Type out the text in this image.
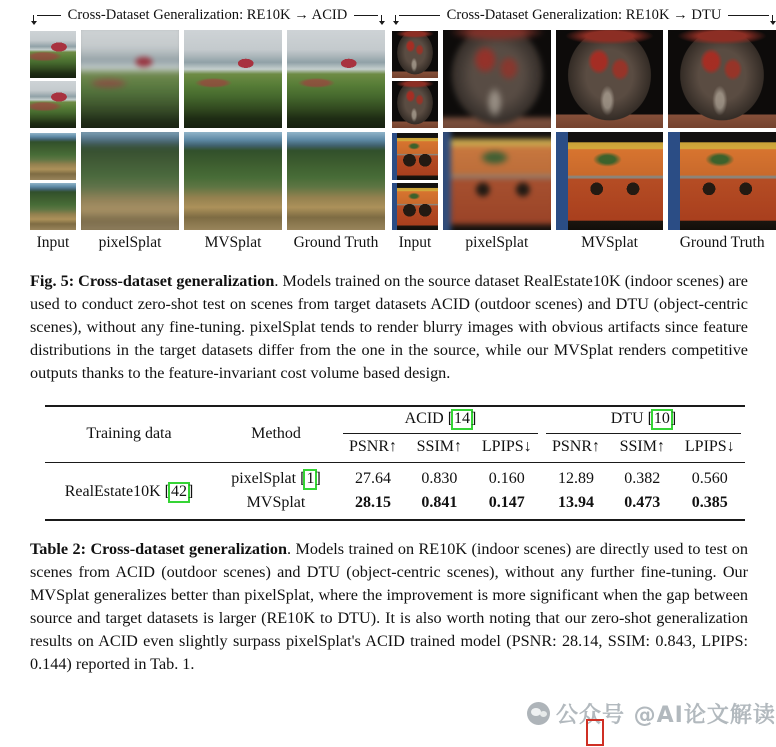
Cross-Dataset Generalization: RE10K → ACID
Input	pixelSplat	MVSplat	Ground Truth
Cross-Dataset Generalization: RE10K → DTU
Input	pixelSplat	MVSplat	Ground Truth

Fig. 5: Cross-dataset generalization. Models trained on the source dataset RealEstate10K (indoor scenes) are used to conduct zero-shot test on scenes from target datasets ACID (outdoor scenes) and DTU (object-centric scenes), without any fine-tuning. pixelSplat tends to render blurry images with obvious artifacts since feature distributions in the target datasets differ from the one in the source, while our MVSplat renders competitive outputs thanks to the feature-invariant cost volume based design.

Training data	Method	ACID [14]			DTU [10]		

		PSNR↑	SSIM↑	LPIPS↓	PSNR↑	SSIM↑	LPIPS↓
RealEstate10K [42]	pixelSplat [1]	27.64	0.830	0.160	12.89	0.382	0.560
	MVSplat	28.15	0.841	0.147	13.94	0.473	0.385

Table 2: Cross-dataset generalization. Models trained on RE10K (indoor scenes) are directly used to test on scenes from ACID (outdoor scenes) and DTU (object-centric scenes), without any further fine-tuning. Our MVSplat generalizes better than pixelSplat, where the improvement is more significant when the gap between source and target datasets is larger (RE10K to DTU). It is also worth noting that our zero-shot generalization results on ACID even slightly surpass pixelSplat's ACID trained model (PSNR: 28.14, SSIM: 0.843, LPIPS: 0.144) reported in Tab. 1.

公众号 @AI论文解读
